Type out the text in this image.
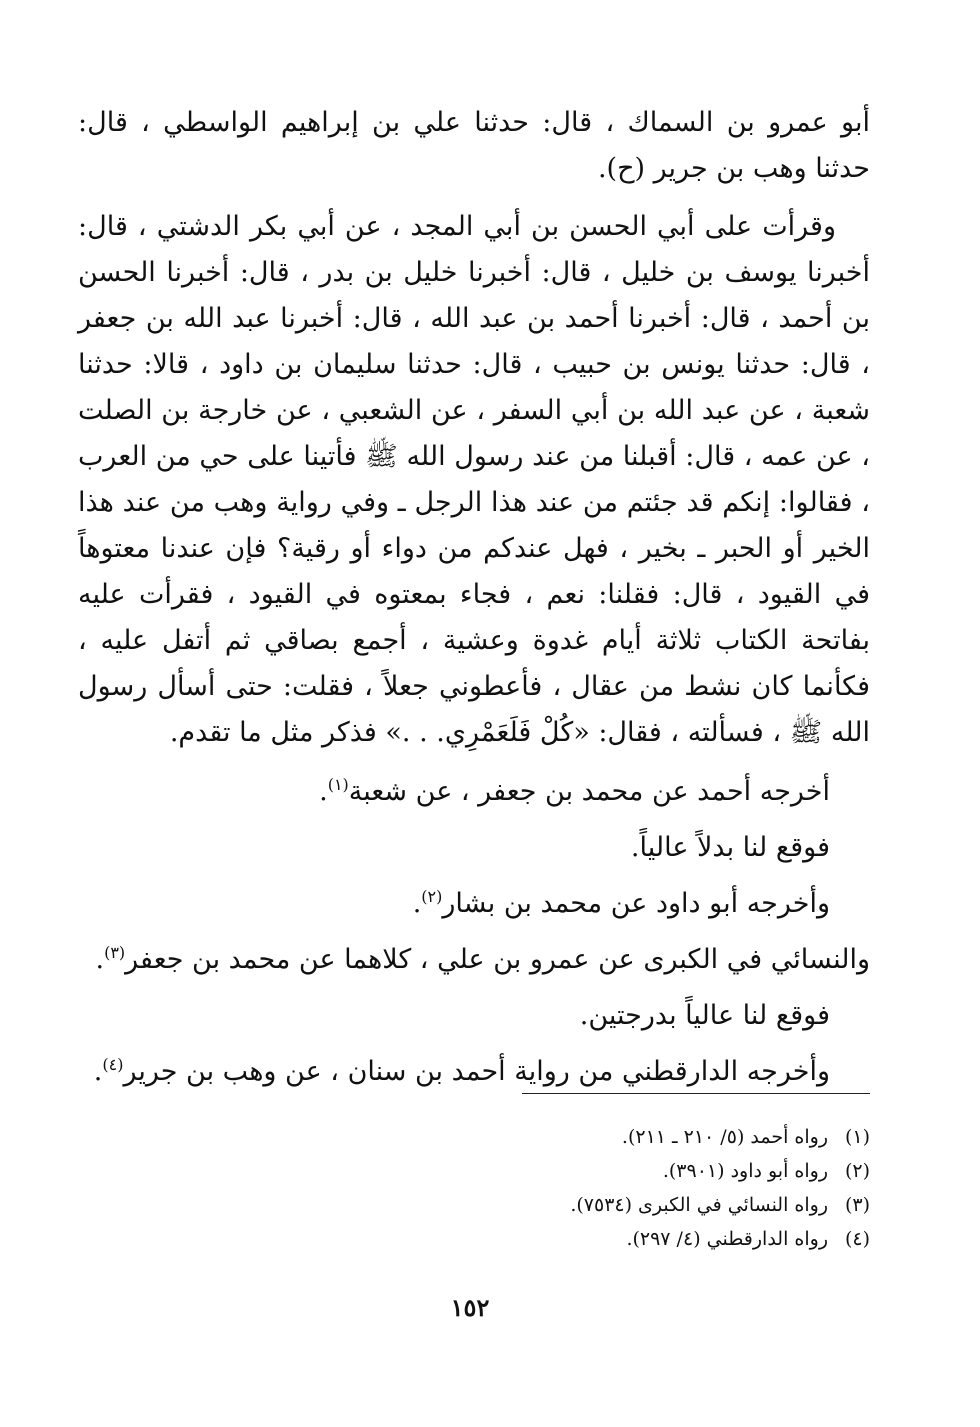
أبو عمرو بن السماك ، قال: حدثنا علي بن إبراهيم الواسطي ، قال: حدثنا وهب بن جرير (ح).

وقرأت على أبي الحسن بن أبي المجد ، عن أبي بكر الدشتي ، قال: أخبرنا يوسف بن خليل ، قال: أخبرنا خليل بن بدر ، قال: أخبرنا الحسن بن أحمد ، قال: أخبرنا أحمد بن عبد الله ، قال: أخبرنا عبد الله بن جعفر ، قال: حدثنا يونس بن حبيب ، قال: حدثنا سليمان بن داود ، قالا: حدثنا شعبة ، عن عبد الله بن أبي السفر ، عن الشعبي ، عن خارجة بن الصلت ، عن عمه ، قال: أقبلنا من عند رسول الله ﷺ فأتينا على حي من العرب ، فقالوا: إنكم قد جئتم من عند هذا الرجل ـ وفي رواية وهب من عند هذا الخير أو الحبر ـ بخير ، فهل عندكم من دواء أو رقية؟ فإن عندنا معتوهاً في القيود ، قال: فقلنا: نعم ، فجاء بمعتوه في القيود ، فقرأت عليه بفاتحة الكتاب ثلاثة أيام غدوة وعشية ، أجمع بصاقي ثم أتفل عليه ، فكأنما كان نشط من عقال ، فأعطوني جعلاً ، فقلت: حتى أسأل رسول الله ﷺ ، فسألته ، فقال: «كُلْ فَلَعَمْرِي. . .» فذكر مثل ما تقدم.

أخرجه أحمد عن محمد بن جعفر ، عن شعبة$^{(١)}$.
فوقع لنا بدلاً عالياً.
وأخرجه أبو داود عن محمد بن بشار$^{(٢)}$.
والنسائي في الكبرى عن عمرو بن علي ، كلاهما عن محمد بن جعفر$^{(٣)}$.
فوقع لنا عالياً بدرجتين.
وأخرجه الدارقطني من رواية أحمد بن سنان ، عن وهب بن جرير$^{(٤)}$.
(١)رواه أحمد (٥/ ٢١٠ ـ ٢١١).
(٢)رواه أبو داود (٣٩٠١).
(٣)رواه النسائي في الكبرى (٧٥٣٤).
(٤)رواه الدارقطني (٤/ ٢٩٧).
١٥٢
